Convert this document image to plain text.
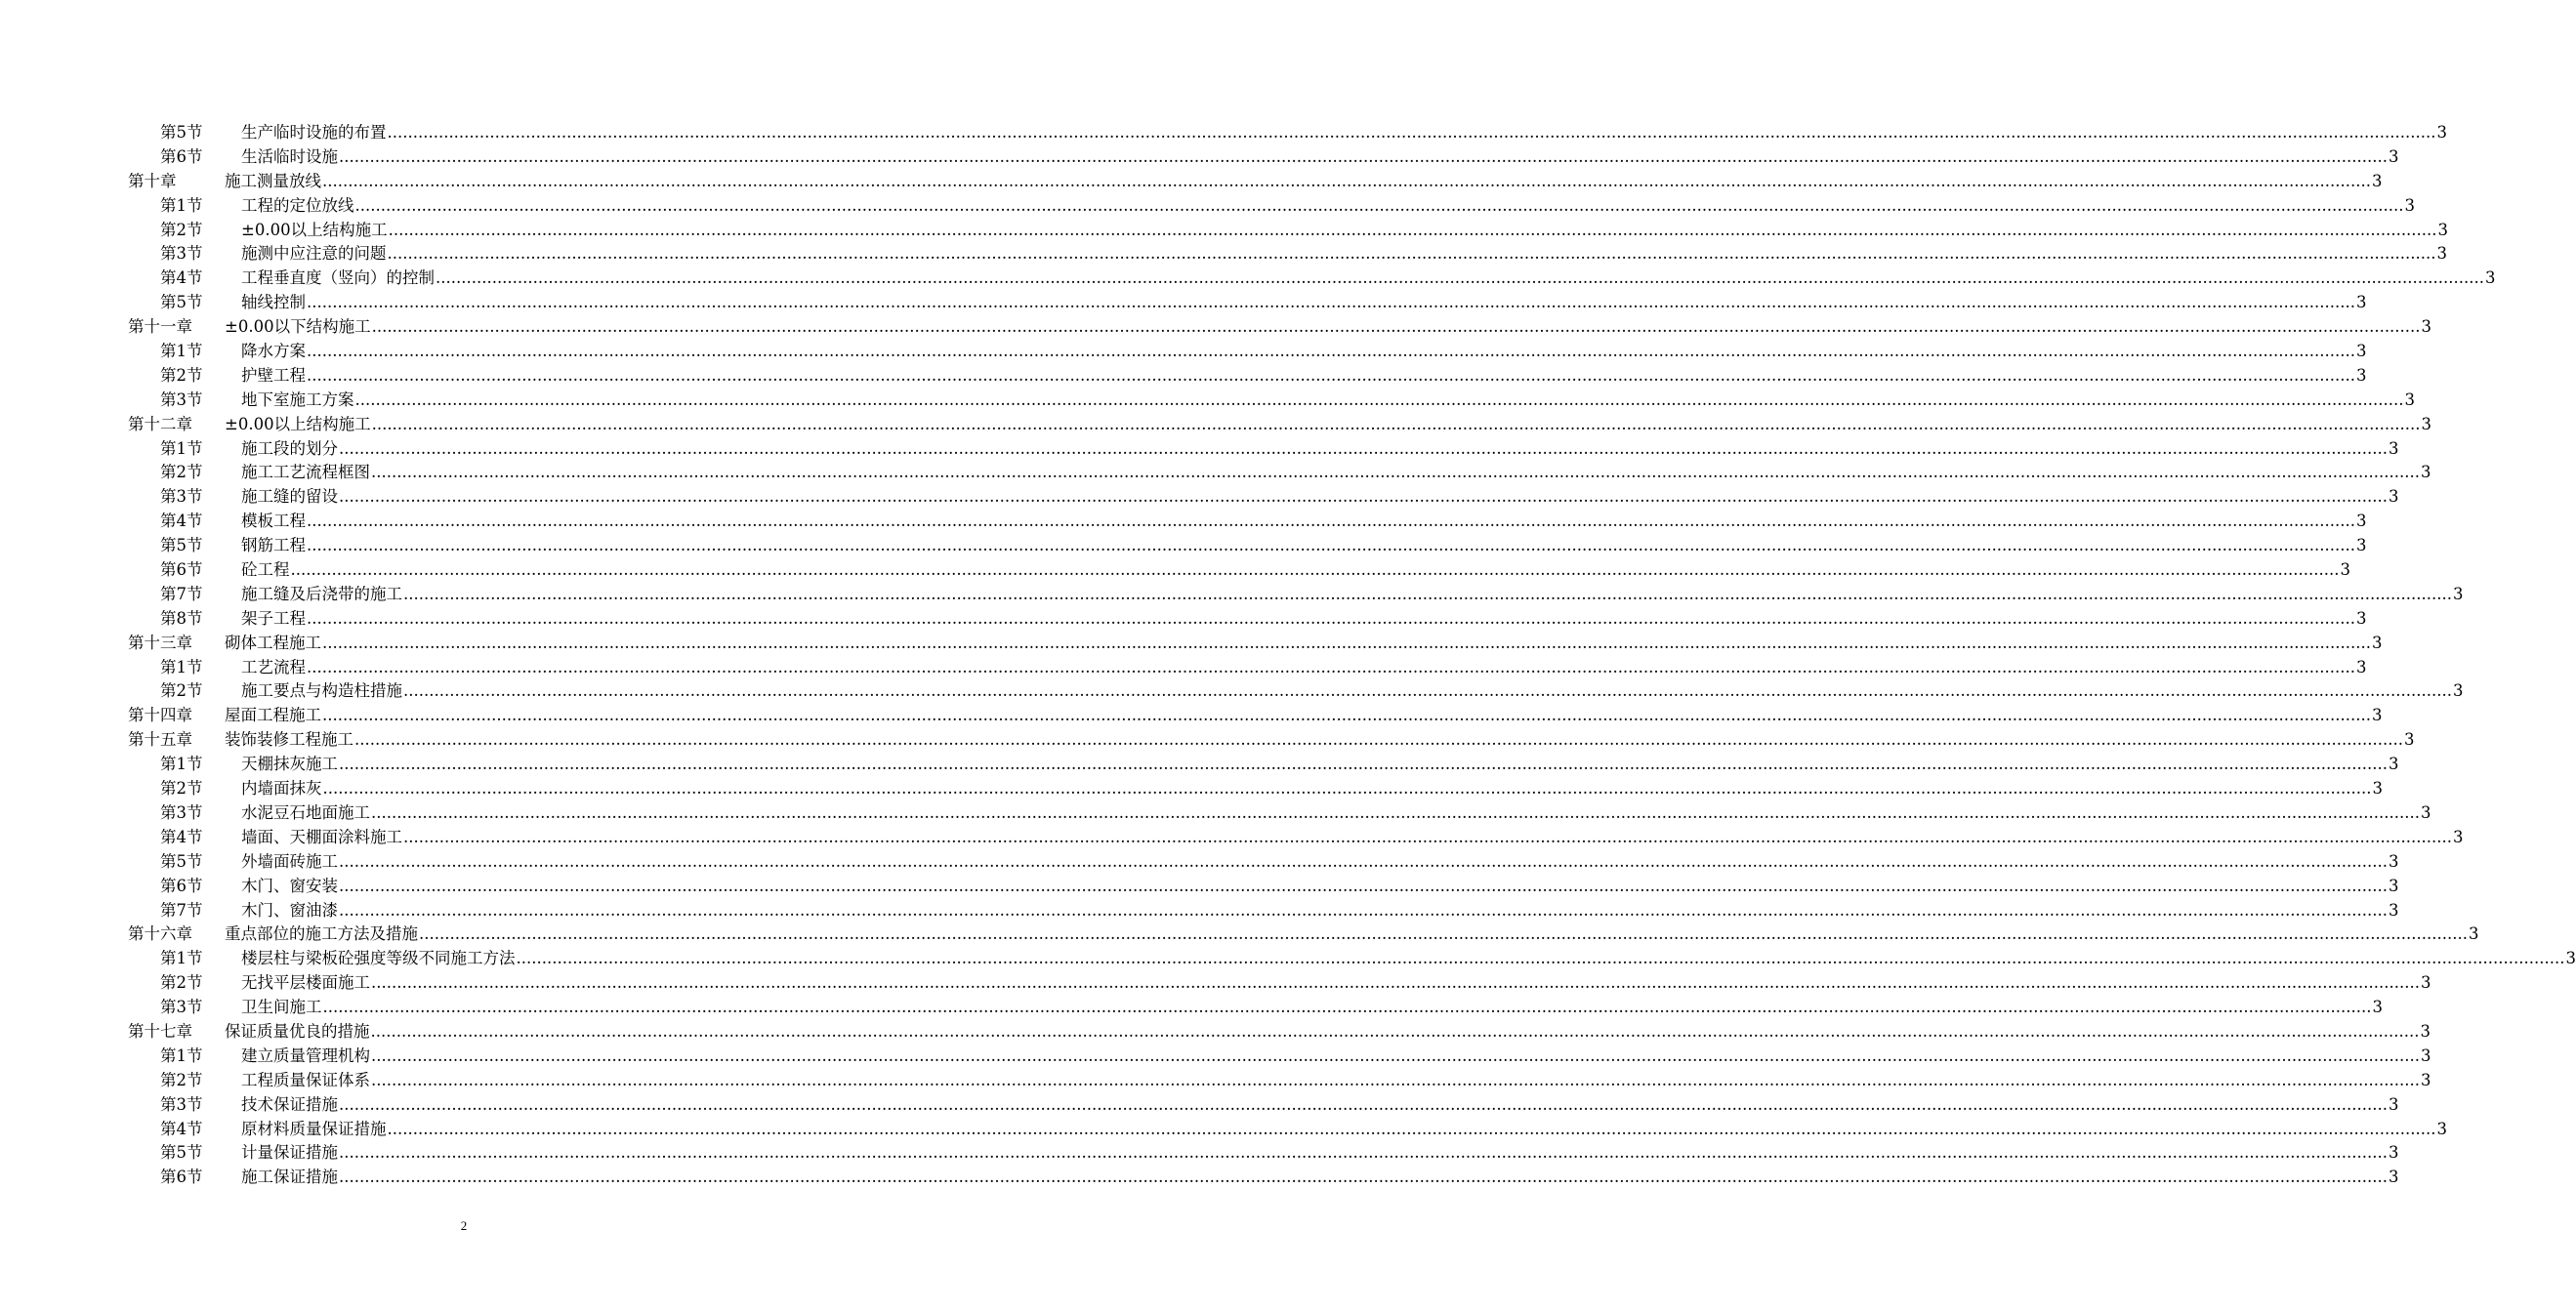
第5节 生产临时设施的布置 ................................................................................................................................................................................................................................................................................................................................................................................................................ 3
第6节 生活临时设施 ................................................................................................................................................................................................................................................................................................................................................................................................................ 3
第十章	施工测量放线 ................................................................................................................................................................................................................................................................................................................................................................................................................ 3
第1节 工程的定位放线 ................................................................................................................................................................................................................................................................................................................................................................................................................ 3
第2节 ±0.00以上结构施工 ................................................................................................................................................................................................................................................................................................................................................................................................................ 3
第3节 施测中应注意的问题 ................................................................................................................................................................................................................................................................................................................................................................................................................ 3
第4节 工程垂直度（竖向）的控制 ................................................................................................................................................................................................................................................................................................................................................................................................................ 3
第5节 轴线控制 ................................................................................................................................................................................................................................................................................................................................................................................................................ 3
第十一章 ±0.00以下结构施工 ................................................................................................................................................................................................................................................................................................................................................................................................................ 3
第1节 降水方案 ................................................................................................................................................................................................................................................................................................................................................................................................................ 3
第2节 护壁工程 ................................................................................................................................................................................................................................................................................................................................................................................................................ 3
第3节 地下室施工方案 ................................................................................................................................................................................................................................................................................................................................................................................................................ 3
第十二章 ±0.00以上结构施工 ................................................................................................................................................................................................................................................................................................................................................................................................................ 3
第1节 施工段的划分 ................................................................................................................................................................................................................................................................................................................................................................................................................ 3
第2节 施工工艺流程框图 ................................................................................................................................................................................................................................................................................................................................................................................................................ 3
第3节 施工缝的留设 ................................................................................................................................................................................................................................................................................................................................................................................................................ 3
第4节 模板工程 ................................................................................................................................................................................................................................................................................................................................................................................................................ 3
第5节 钢筋工程 ................................................................................................................................................................................................................................................................................................................................................................................................................ 3
第6节 砼工程 ................................................................................................................................................................................................................................................................................................................................................................................................................ 3
第7节 施工缝及后浇带的施工 ................................................................................................................................................................................................................................................................................................................................................................................................................ 3
第8节 架子工程 ................................................................................................................................................................................................................................................................................................................................................................................................................ 3
第十三章 砌体工程施工 ................................................................................................................................................................................................................................................................................................................................................................................................................ 3
第1节 工艺流程 ................................................................................................................................................................................................................................................................................................................................................................................................................ 3
第2节 施工要点与构造柱措施 ................................................................................................................................................................................................................................................................................................................................................................................................................ 3
第十四章 屋面工程施工 ................................................................................................................................................................................................................................................................................................................................................................................................................ 3
第十五章 装饰装修工程施工 ................................................................................................................................................................................................................................................................................................................................................................................................................ 3
第1节 天棚抹灰施工 ................................................................................................................................................................................................................................................................................................................................................................................................................ 3
第2节 内墙面抹灰 ................................................................................................................................................................................................................................................................................................................................................................................................................ 3
第3节 水泥豆石地面施工 ................................................................................................................................................................................................................................................................................................................................................................................................................ 3
第4节 墙面、天棚面涂料施工 ................................................................................................................................................................................................................................................................................................................................................................................................................ 3
第5节 外墙面砖施工 ................................................................................................................................................................................................................................................................................................................................................................................................................ 3
第6节 木门、窗安装 ................................................................................................................................................................................................................................................................................................................................................................................................................ 3
第7节 木门、窗油漆 ................................................................................................................................................................................................................................................................................................................................................................................................................ 3
第十六章 重点部位的施工方法及措施 ................................................................................................................................................................................................................................................................................................................................................................................................................ 3
第1节 楼层柱与梁板砼强度等级不同施工方法 ................................................................................................................................................................................................................................................................................................................................................................................................................ 3
第2节 无找平层楼面施工 ................................................................................................................................................................................................................................................................................................................................................................................................................ 3
第3节 卫生间施工 ................................................................................................................................................................................................................................................................................................................................................................................................................ 3
第十七章 保证质量优良的措施 ................................................................................................................................................................................................................................................................................................................................................................................................................ 3
第1节 建立质量管理机构 ................................................................................................................................................................................................................................................................................................................................................................................................................ 3
第2节 工程质量保证体系 ................................................................................................................................................................................................................................................................................................................................................................................................................ 3
第3节 技术保证措施 ................................................................................................................................................................................................................................................................................................................................................................................................................ 3
第4节 原材料质量保证措施 ................................................................................................................................................................................................................................................................................................................................................................................................................ 3
第5节 计量保证措施 ................................................................................................................................................................................................................................................................................................................................................................................................................ 3
第6节 施工保证措施 ................................................................................................................................................................................................................................................................................................................................................................................................................ 3
2
